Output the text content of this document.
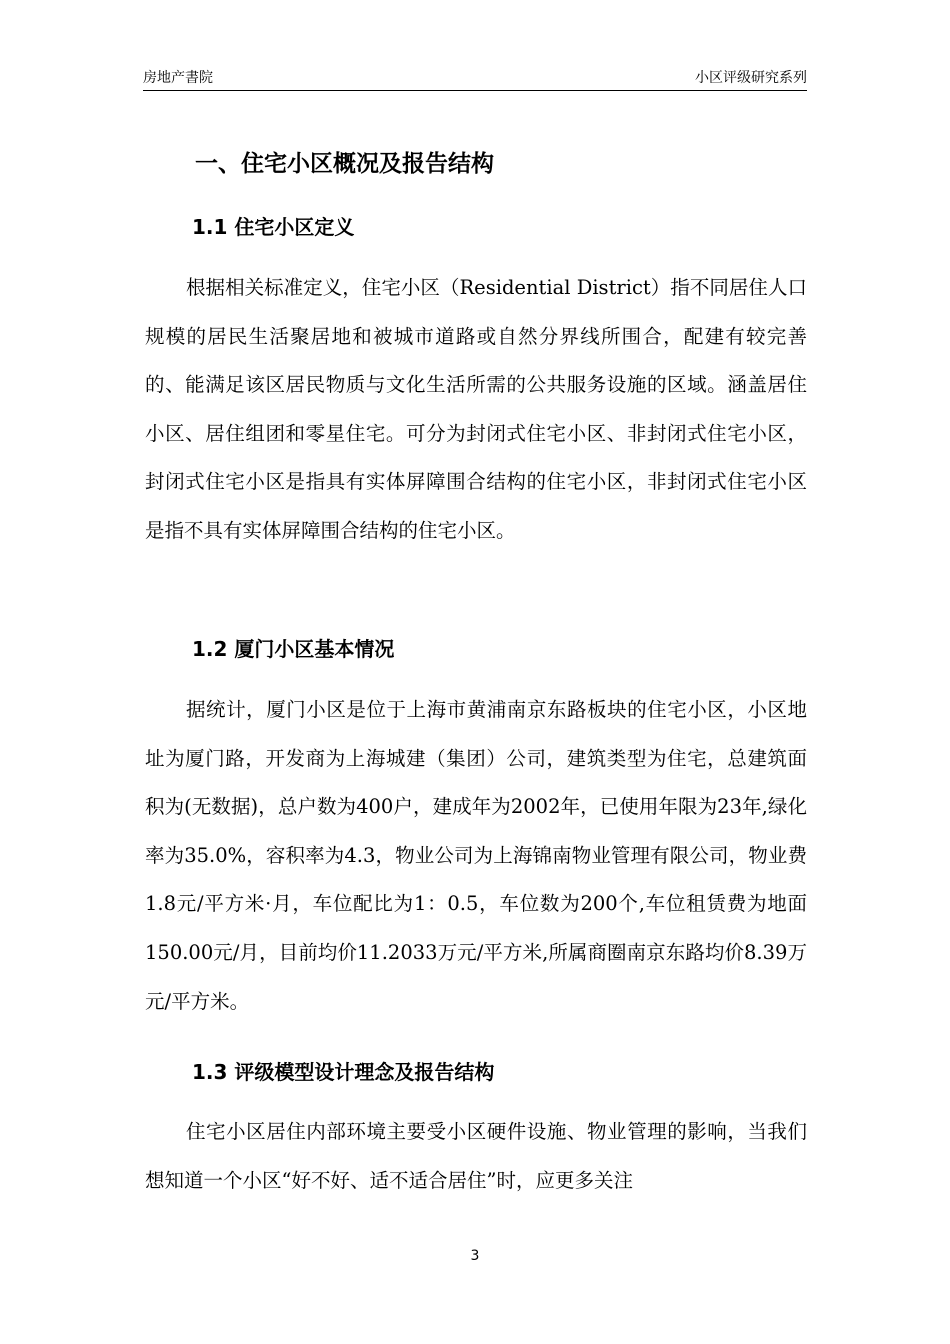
房地产書院	小区评级研究系列
一、住宅小区概况及报告结构
1.1 住宅小区定义

根据相关标准定义，住宅小区（Residential District）指不同居住人口规模的居民生活聚居地和被城市道路或自然分界线所围合，配建有较完善的、能满足该区居民物质与文化生活所需的公共服务设施的区域。涵盖居住小区、居住组团和零星住宅。可分为封闭式住宅小区、非封闭式住宅小区，封闭式住宅小区是指具有实体屏障围合结构的住宅小区，非封闭式住宅小区是指不具有实体屏障围合结构的住宅小区。

1.2 厦门小区基本情况

据统计，厦门小区是位于上海市黄浦南京东路板块的住宅小区，小区地址为厦门路，开发商为上海城建（集团）公司，建筑类型为住宅，总建筑面积为(无数据)，总户数为400户，建成年为2002年，已使用年限为23年,绿化率为35.0%，容积率为4.3，物业公司为上海锦南物业管理有限公司，物业费 1.8元/平方米·月，车位配比为1：0.5，车位数为200个,车位租赁费为地面150.00元/月，目前均价11.2033万元/平方米,所属商圈南京东路均价8.39万元/平方米。

1.3 评级模型设计理念及报告结构

住宅小区居住内部环境主要受小区硬件设施、物业管理的影响，当我们想知道一个小区“好不好、适不适合居住”时，应更多关注

3
